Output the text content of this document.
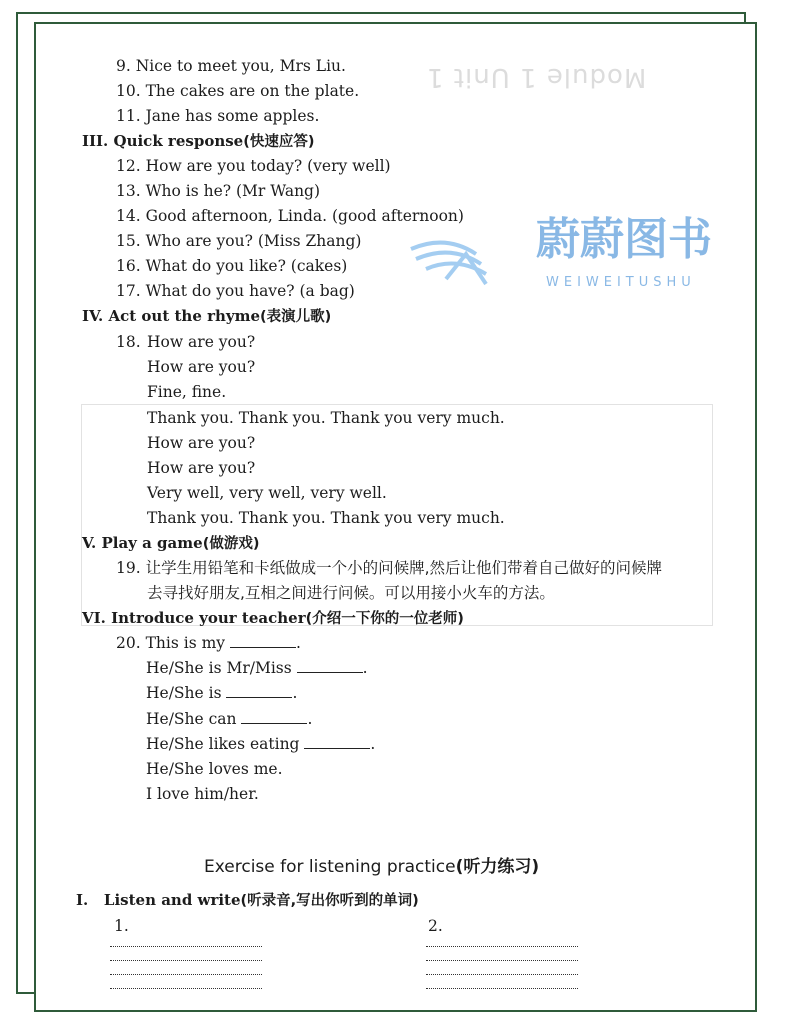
Module 1 Unit 1
蔚蔚图书
WEIWEITUSHU
9. Nice to meet you, Mrs Liu.
10. The cakes are on the plate.
11. Jane has some apples.
III. Quick response(快速应答)
12. How are you today? (very well)
13. Who is he? (Mr Wang)
14. Good afternoon, Linda. (good afternoon)
15. Who are you? (Miss Zhang)
16. What do you like? (cakes)
17. What do you have? (a bag)
IV. Act out the rhyme(表演儿歌)
18. How are you?
How are you?
Fine, fine.
Thank you. Thank you. Thank you very much.
How are you?
How are you?
Very well, very well, very well.
Thank you. Thank you. Thank you very much.
V. Play a game(做游戏)
19. 让学生用铅笔和卡纸做成一个小的问候牌,然后让他们带着自己做好的问候牌
去寻找好朋友,互相之间进行问候。可以用接小火车的方法。
VI. Introduce your teacher(介绍一下你的一位老师)
20. This is my	.
He/She is Mr/Miss	.
He/She is	.
He/She can	.
He/She likes eating	.
He/She loves me.
I love him/her.
Exercise for listening practice(听力练习)
I. Listen and write(听录音,写出你听到的单词)
1.	2.
